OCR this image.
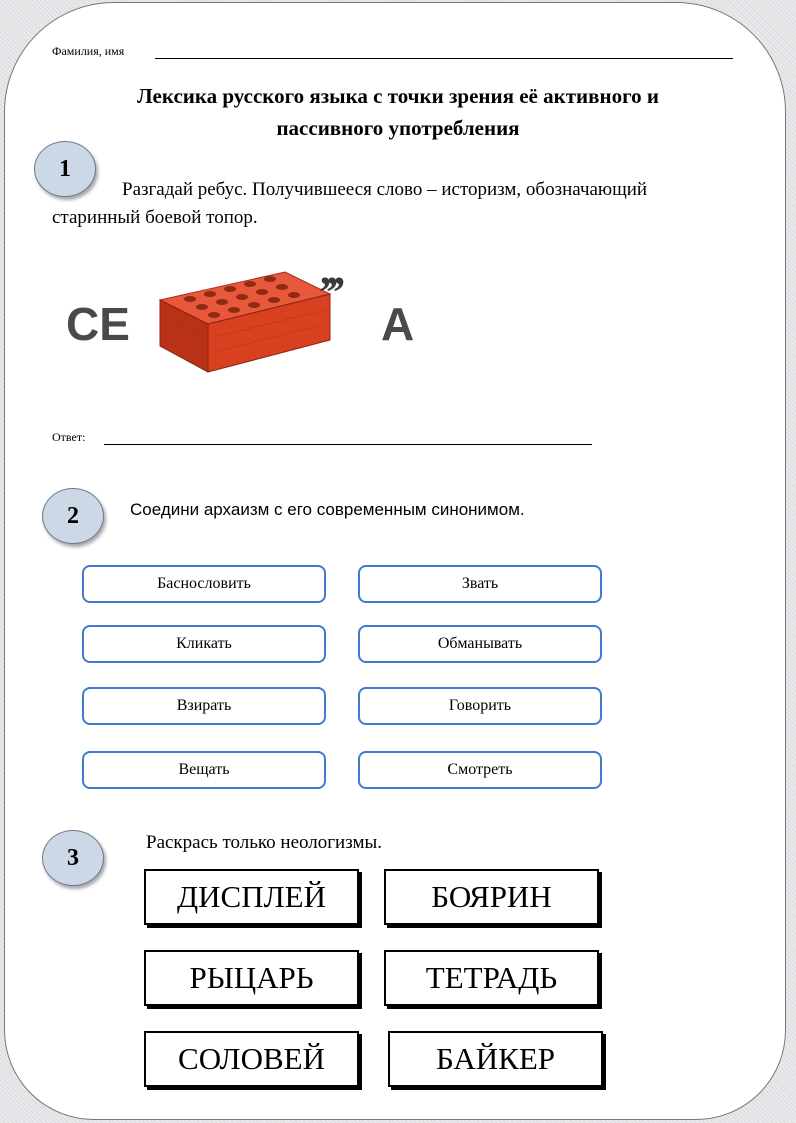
Фамилия, имя
Лексика русского языка с точки зрения её активного и
пассивного употребления
1
Разгадай ребус. Получившееся слово – историзм, обозначающий
старинный боевой топор.
СЕ
,,,
А
Ответ:
2	Соедини архаизм с его современным синонимом.
Баснословить	Звать
Кликать	Обманывать
Взирать	Говорить
Вещать	Смотреть
3
Раскрась только неологизмы.
ДИСПЛЕЙ	БОЯРИН
РЫЦАРЬ	ТЕТРАДЬ
СОЛОВЕЙ	БАЙКЕР
